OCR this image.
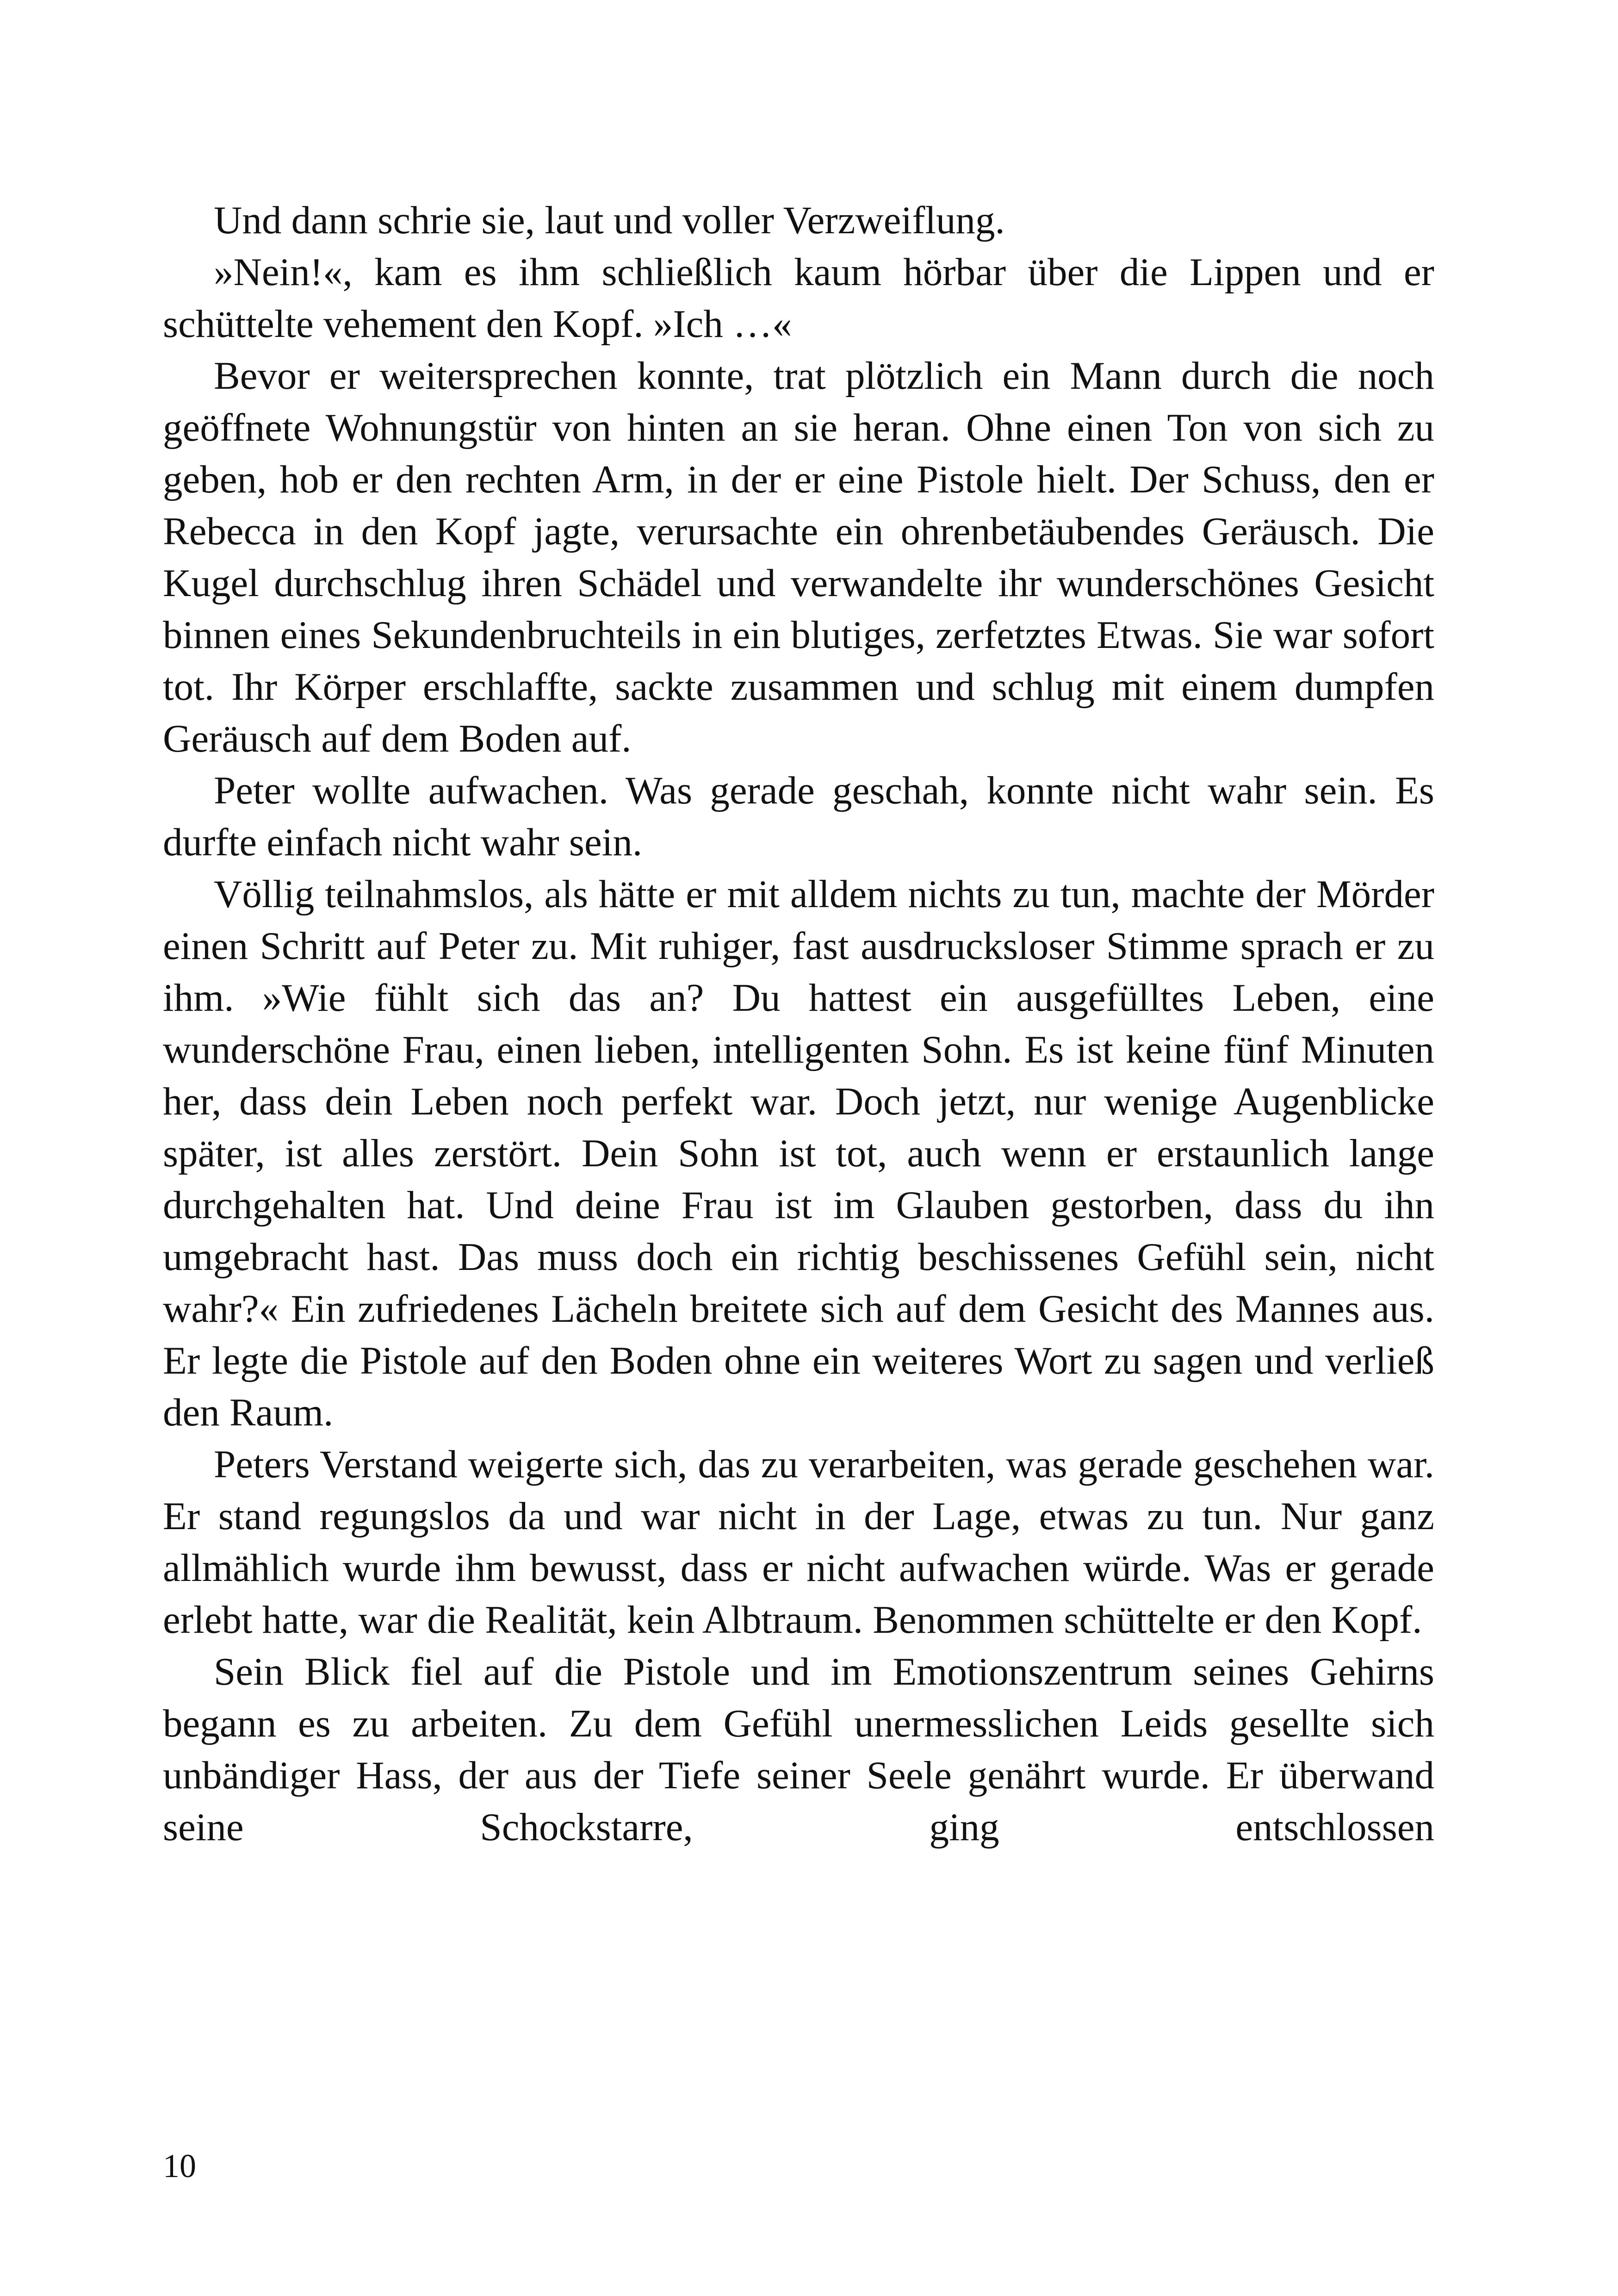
Und dann schrie sie, laut und voller Verzweiflung.

»Nein!«, kam es ihm schließlich kaum hörbar über die Lippen und er schüttelte vehement den Kopf. »Ich …«

Bevor er weitersprechen konnte, trat plötzlich ein Mann durch die noch geöffnete Wohnungstür von hinten an sie heran. Ohne einen Ton von sich zu geben, hob er den rechten Arm, in der er eine Pistole hielt. Der Schuss, den er Rebecca in den Kopf jagte, verursachte ein ohrenbetäubendes Geräusch. Die Kugel durchschlug ihren Schädel und verwandelte ihr wunderschönes Gesicht binnen eines Sekundenbruchteils in ein blutiges, zerfetztes Etwas. Sie war sofort tot. Ihr Körper erschlaffte, sackte zusammen und schlug mit einem dumpfen Geräusch auf dem Boden auf.

Peter wollte aufwachen. Was gerade geschah, konnte nicht wahr sein. Es durfte einfach nicht wahr sein.

Völlig teilnahmslos, als hätte er mit alldem nichts zu tun, machte der Mörder einen Schritt auf Peter zu. Mit ruhiger, fast ausdrucksloser Stimme sprach er zu ihm. »Wie fühlt sich das an? Du hattest ein ausgefülltes Leben, eine wunderschöne Frau, einen lieben, intelligenten Sohn. Es ist keine fünf Minuten her, dass dein Leben noch perfekt war. Doch jetzt, nur wenige Augenblicke später, ist alles zerstört. Dein Sohn ist tot, auch wenn er erstaunlich lange durchgehalten hat. Und deine Frau ist im Glauben gestorben, dass du ihn umgebracht hast. Das muss doch ein richtig beschissenes Gefühl sein, nicht wahr?« Ein zufriedenes Lächeln breitete sich auf dem Gesicht des Mannes aus. Er legte die Pistole auf den Boden ohne ein weiteres Wort zu sagen und verließ den Raum.

Peters Verstand weigerte sich, das zu verarbeiten, was gerade geschehen war. Er stand regungslos da und war nicht in der Lage, etwas zu tun. Nur ganz allmählich wurde ihm bewusst, dass er nicht aufwachen würde. Was er gerade erlebt hatte, war die Realität, kein Albtraum. Benommen schüttelte er den Kopf.

Sein Blick fiel auf die Pistole und im Emotionszentrum seines Gehirns begann es zu arbeiten. Zu dem Gefühl unermesslichen Leids gesellte sich unbändiger Hass, der aus der Tiefe seiner Seele genährt wurde. Er überwand seine Schockstarre, ging entschlossen

10
